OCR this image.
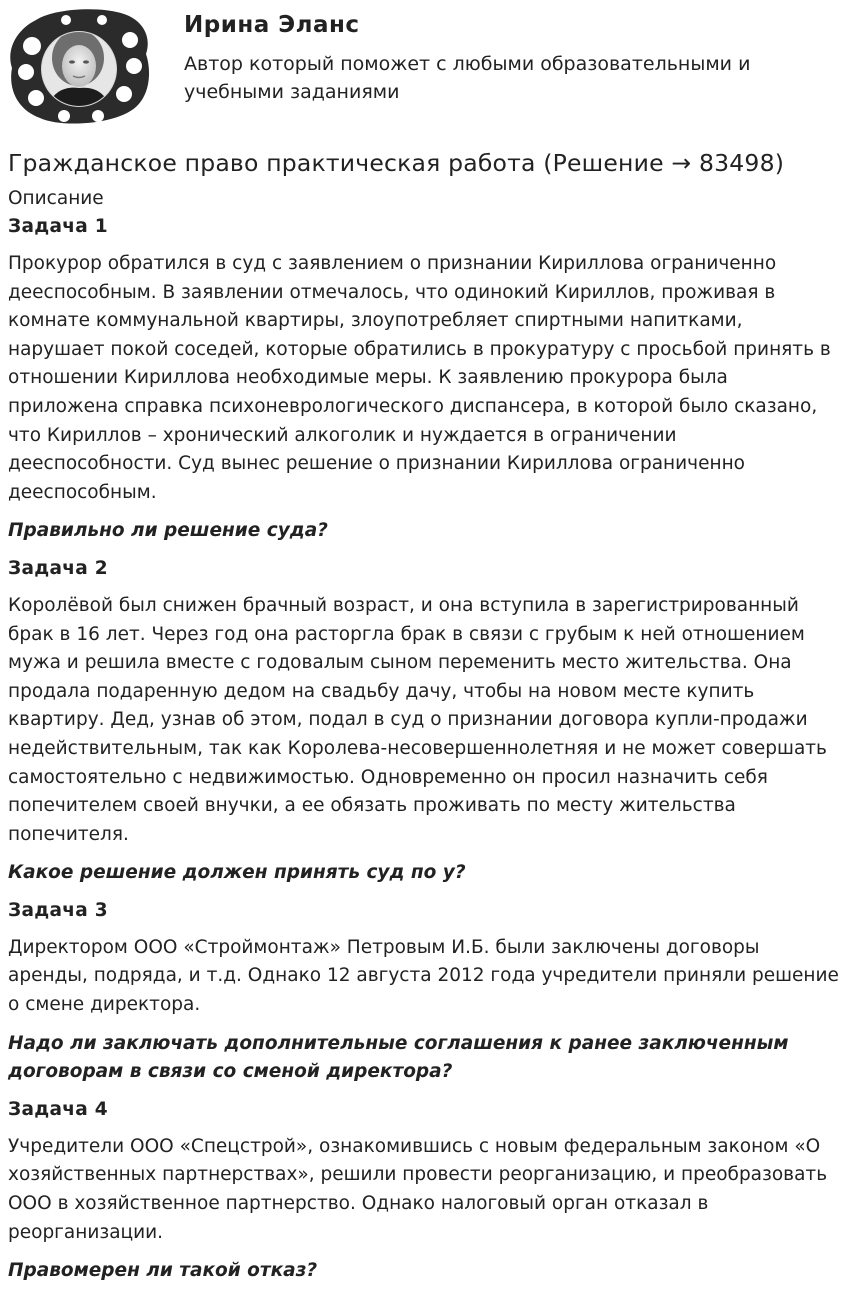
Ирина Эланс

Автор который поможет с любыми образовательными и учебными заданиями

Гражданское право практическая работа (Решение → 83498)
Описание
Задача 1

Прокурор обратился в суд с заявлением о признании Кириллова ограниченно дееспособным. В заявлении отмечалось, что одинокий Кириллов, проживая в комнате коммунальной квартиры, злоупотребляет спиртными напитками, нарушает покой соседей, которые обратились в прокуратуру с просьбой принять в отношении Кириллова необходимые меры. К заявлению прокурора была приложена справка психоневрологического диспансера, в которой было сказано, что Кириллов – хронический алкоголик и нуждается в ограничении дееспособности. Суд вынес решение о признании Кириллова ограниченно дееспособным.

Правильно ли решение суда?

Задача 2

Королёвой был снижен брачный возраст, и она вступила в зарегистрированный брак в 16 лет. Через год она расторгла брак в связи с грубым к ней отношением мужа и решила вместе с годовалым сыном переменить место жительства. Она продала подаренную дедом на свадьбу дачу, чтобы на новом месте купить квартиру. Дед, узнав об этом, подал в суд о признании договора купли-продажи недействительным, так как Королева-несовершеннолетняя и не может совершать самостоятельно с недвижимостью. Одновременно он просил назначить себя попечителем своей внучки, а ее обязать проживать по месту жительства попечителя.

Какое решение должен принять суд по у?

Задача 3

Директором ООО «Строймонтаж» Петровым И.Б. были заключены договоры аренды, подряда, и т.д. Однако 12 августа 2012 года учредители приняли решение о смене директора.

Надо ли заключать дополнительные соглашения к ранее заключенным договорам в связи со сменой директора?

Задача 4

Учредители ООО «Спецстрой», ознакомившись с новым федеральным законом «О хозяйственных партнерствах», решили провести реорганизацию, и преобразовать ООО в хозяйственное партнерство. Однако налоговый орган отказал в реорганизации.

Правомерен ли такой отказ?
